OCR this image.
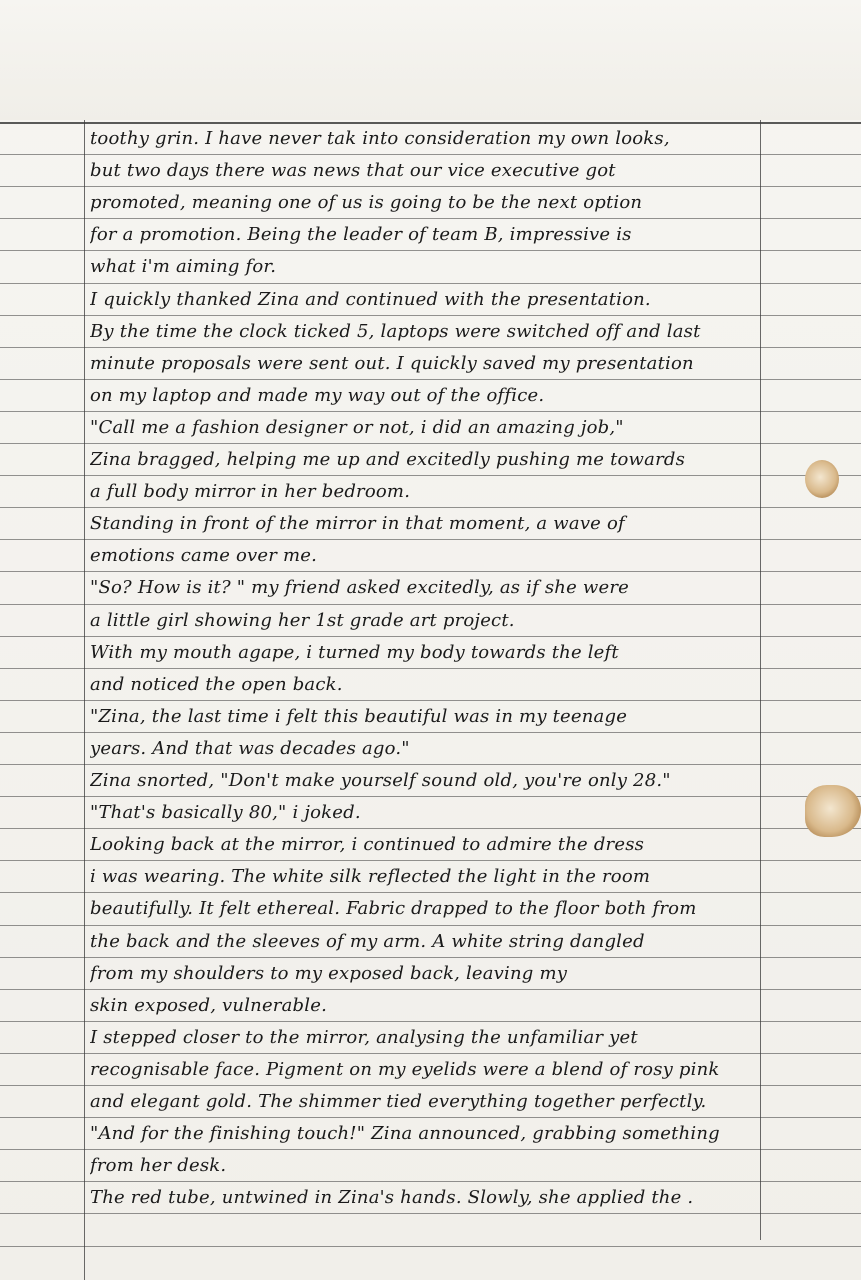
toothy grin. I have never tak into consideration my own looks,
but two days there was news that our vice executive got
promoted, meaning one of us is going to be the next option
for a promotion. Being the leader of team B, impressive is
what i'm aiming for.
I quickly thanked Zina and continued with the presentation.
By the time the clock ticked 5, laptops were switched off and last
minute proposals were sent out. I quickly saved my presentation
on my laptop and made my way out of the office.
"Call me a fashion designer or not, i did an amazing job,"
Zina bragged, helping me up and excitedly pushing me towards
a full body mirror in her bedroom.
Standing in front of the mirror in that moment, a wave of
emotions came over me.
"So? How is it? " my friend asked excitedly, as if she were
a little girl showing her 1st grade art project.
With my mouth agape, i turned my body towards the left
and noticed the open back.
"Zina, the last time i felt this beautiful was in my teenage
years. And that was decades ago."
Zina snorted, "Don't make yourself sound old, you're only 28."
"That's basically 80," i joked.
Looking back at the mirror, i continued to admire the dress
i was wearing. The white silk reflected the light in the room
beautifully. It felt ethereal. Fabric drapped to the floor both from
the back and the sleeves of my arm. A white string dangled
from my shoulders to my exposed back, leaving my
skin exposed, vulnerable.
I stepped closer to the mirror, analysing the unfamiliar yet
recognisable face. Pigment on my eyelids were a blend of rosy pink
and elegant gold. The shimmer tied everything together perfectly.
"And for the finishing touch!" Zina announced, grabbing something
from her desk.
The red tube, untwined in Zina's hands. Slowly, she applied the .
